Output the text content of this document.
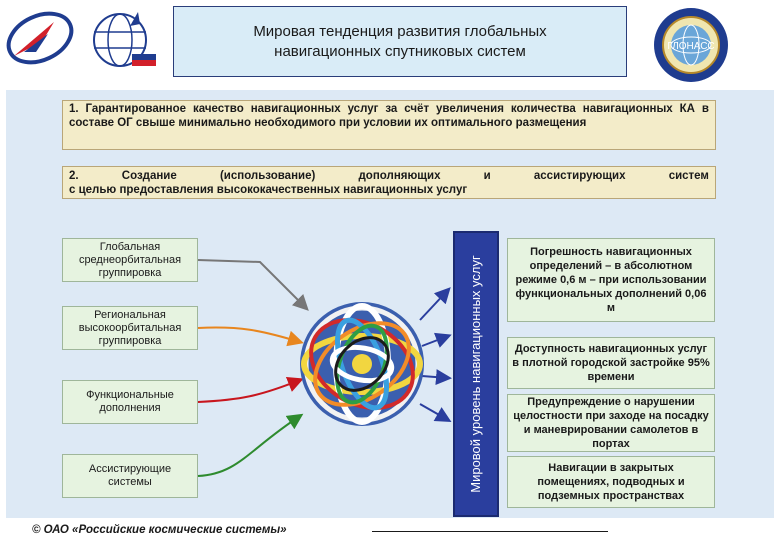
ГЛОНАСС
Мировая тенденция развития глобальных
навигационных спутниковых систем
1. Гарантированное качество навигационных услуг за счёт увеличения количества навигационных КА в составе ОГ свыше минимально необходимого при условии их оптимального размещения
2.	Создание	(использование)	дополняющих	и	ассистирующих	систем
с целью предоставления высококачественных навигационных услуг
Глобальная среднеорбитальная группировка
Региональная высокоорбитальная группировка
Функциональные дополнения
Ассистирующие системы	Мировой уровень навигационных услуг
Погрешность навигационных определений – в абсолютном режиме 0,6 м – при использовании функциональных дополнений 0,06 м
Доступность навигационных услуг в плотной городской застройке 95% времени
Предупреждение о нарушении целостности при заходе на посадку и маневрировании самолетов в портах
Навигации в закрытых помещениях, подводных и подземных пространствах
© ОАО «Российские космические системы»
